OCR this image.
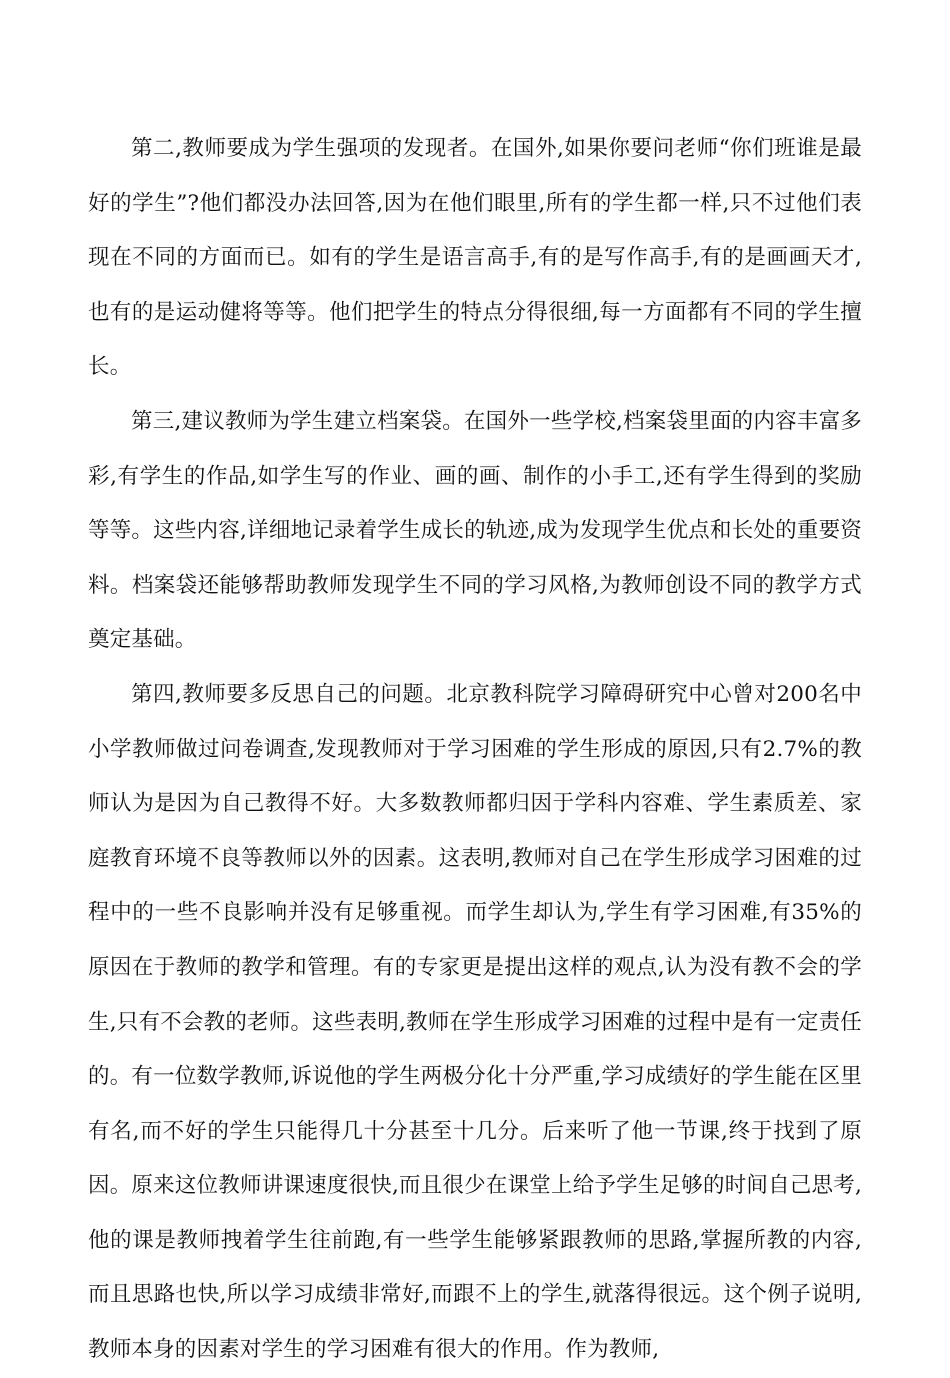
第二,教师要成为学生强项的发现者。在国外,如果你要问老师“你们班谁是最好的学生”?他们都没办法回答,因为在他们眼里,所有的学生都一样,只不过他们表现在不同的方面而已。如有的学生是语言高手,有的是写作高手,有的是画画天才,也有的是运动健将等等。他们把学生的特点分得很细,每一方面都有不同的学生擅长。

第三,建议教师为学生建立档案袋。在国外一些学校,档案袋里面的内容丰富多彩,有学生的作品,如学生写的作业、画的画、制作的小手工,还有学生得到的奖励等等。这些内容,详细地记录着学生成长的轨迹,成为发现学生优点和长处的重要资料。档案袋还能够帮助教师发现学生不同的学习风格,为教师创设不同的教学方式奠定基础。

第四,教师要多反思自己的问题。北京教科院学习障碍研究中心曾对200名中小学教师做过问卷调查,发现教师对于学习困难的学生形成的原因,只有2.7%的教师认为是因为自己教得不好。大多数教师都归因于学科内容难、学生素质差、家庭教育环境不良等教师以外的因素。这表明,教师对自己在学生形成学习困难的过程中的一些不良影响并没有足够重视。而学生却认为,学生有学习困难,有35%的原因在于教师的教学和管理。有的专家更是提出这样的观点,认为没有教不会的学生,只有不会教的老师。这些表明,教师在学生形成学习困难的过程中是有一定责任的。有一位数学教师,诉说他的学生两极分化十分严重,学习成绩好的学生能在区里有名,而不好的学生只能得几十分甚至十几分。后来听了他一节课,终于找到了原因。原来这位教师讲课速度很快,而且很少在课堂上给予学生足够的时间自己思考,他的课是教师拽着学生往前跑,有一些学生能够紧跟教师的思路,掌握所教的内容,而且思路也快,所以学习成绩非常好,而跟不上的学生,就落得很远。这个例子说明,教师本身的因素对学生的学习困难有很大的作用。作为教师,
